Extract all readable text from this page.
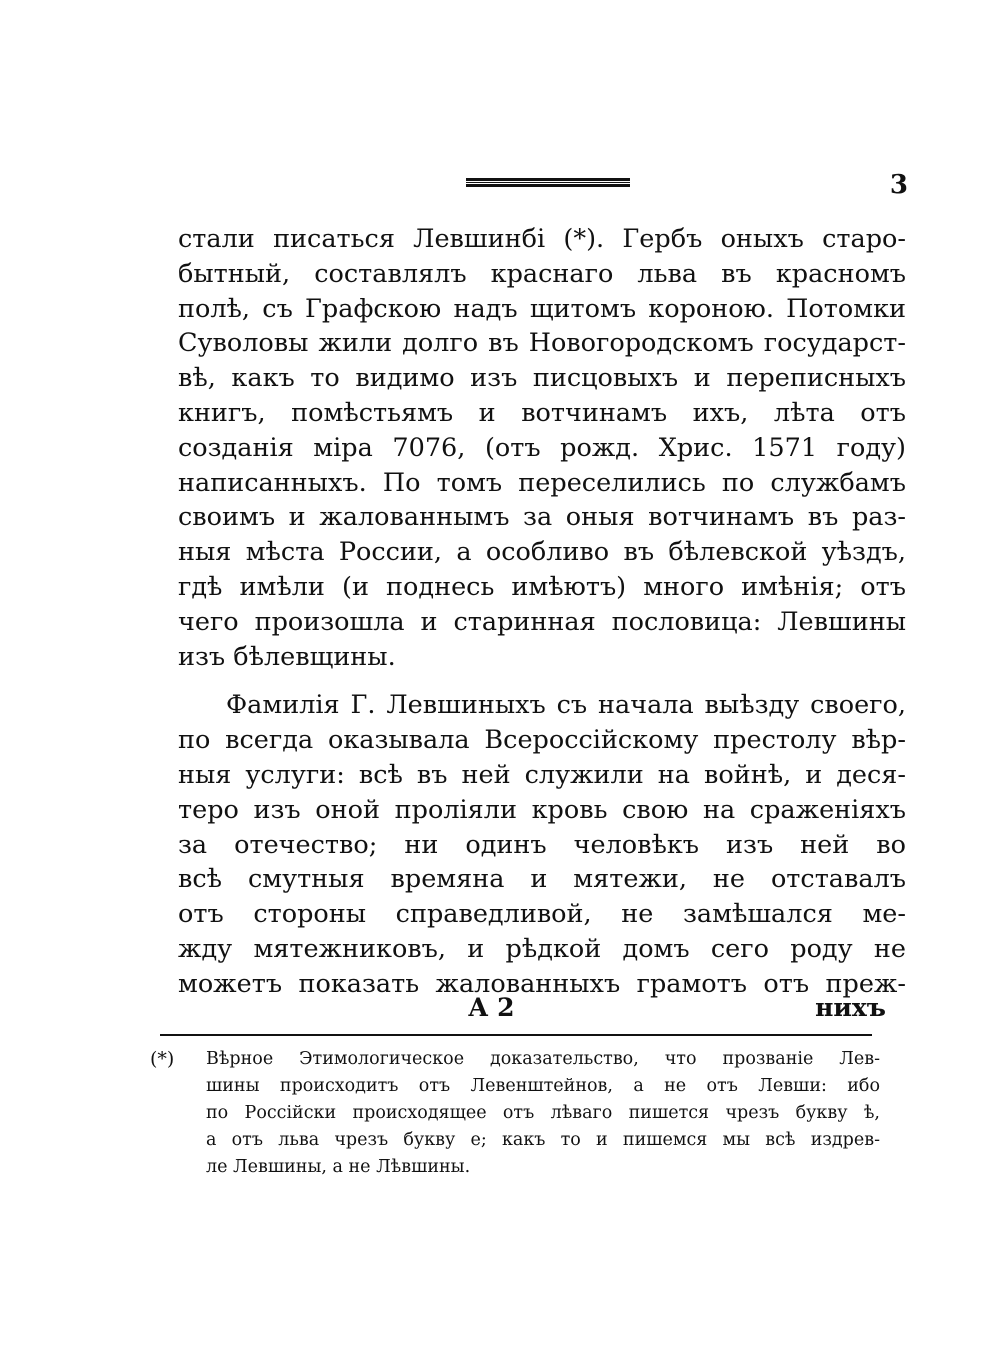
3
стали писаться Левшинбі (*). Гербъ оныхъ старо-
бытный, составлялъ краснаго льва въ красномъ
полѣ, съ Графскою надъ щитомъ короною. Потомки
Суволовы жили долго въ Новогородскомъ государст-
вѣ, какъ то видимо изъ писцовыхъ и переписныхъ
книгъ, помѣстьямъ и вотчинамъ ихъ, лѣта отъ
созданія міра 7076, (отъ рожд. Хрис. 1571 году)
написанныхъ. По томъ переселились по службамъ
своимъ и жалованнымъ за оныя вотчинамъ въ раз-
ныя мѣста России, а особливо въ бѣлевской уѣздъ,
гдѣ имѣли (и поднесь имѣютъ) много имѣнія; отъ
чего произошла и старинная пословица: Левшины
изъ бѣлевщины.
Фамилія Г. Левшиныхъ съ начала выѣзду своего,
по всегда оказывала Всероссійскому престолу вѣр-
ныя услуги: всѣ въ ней служили на войнѣ, и деся-
теро изъ оной пролiяли кровь свою на сраженiяхъ
за отечество; ни одинъ человѣкъ изъ ней во
всѣ смутныя времяна и мятежи, не отставалъ
отъ стороны справедливой, не замѣшался ме-
жду мятежниковъ, и рѣдкой домъ сего роду не
можетъ показать жалованныхъ грамотъ отъ преж-
А 2	нихъ
(*) Вѣрное Этимологическое доказательство, что прозваніе Лев-
шины происходитъ отъ Левенштейнов, а не отъ Левши: ибо
по Россійски происходящее отъ лѣваго пишется чрезъ букву ѣ,
а отъ льва чрезъ букву е; какъ то и пишемся мы всѣ издрев-
ле Левшины, а не Лѣвшины.
